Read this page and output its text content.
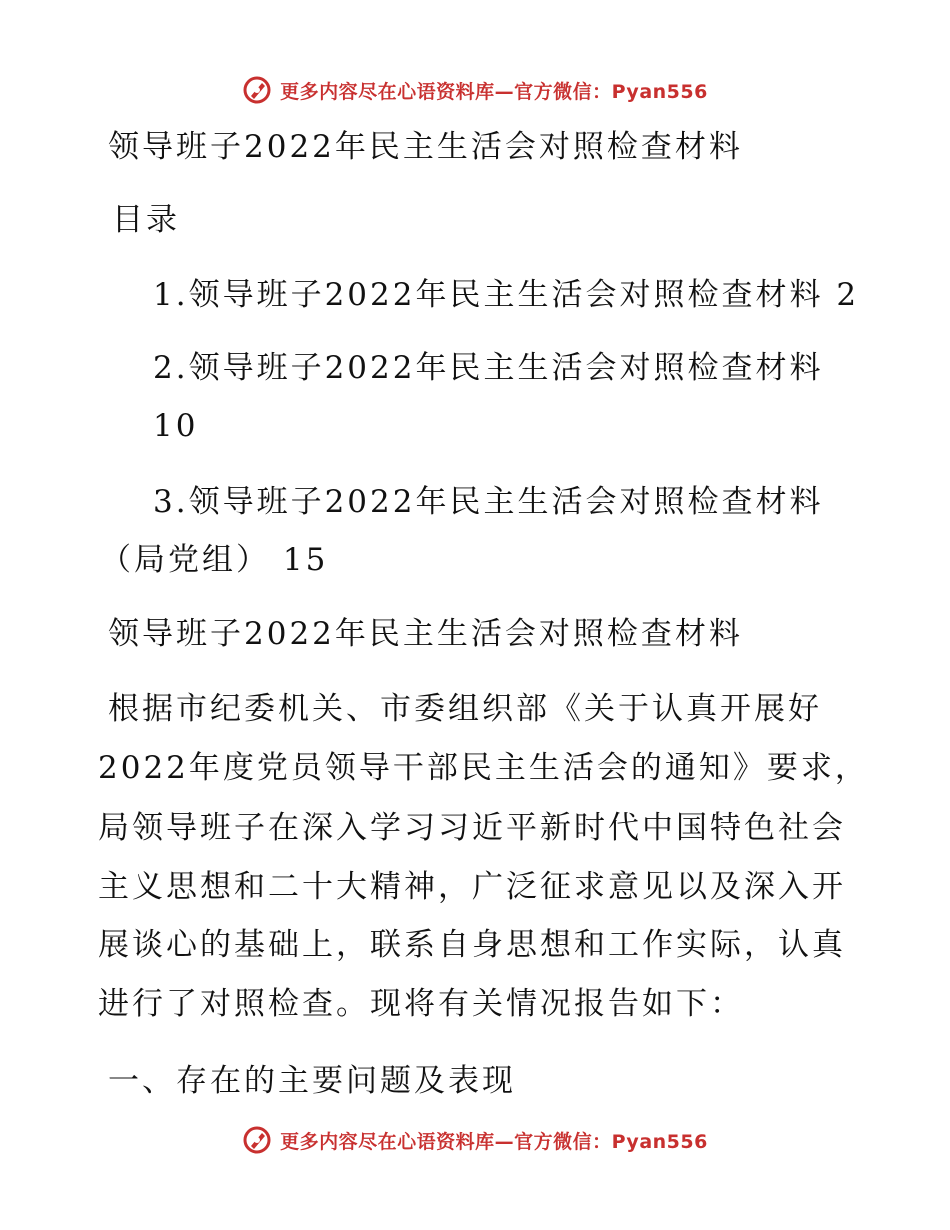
更多内容尽在心语资料库—官方微信：Pyan556
领导班子2022年民主生活会对照检查材料
目录
1.领导班子2022年民主生活会对照检查材料 2
2.领导班子2022年民主生活会对照检查材料
10
3.领导班子2022年民主生活会对照检查材料
（局党组） 15
领导班子2022年民主生活会对照检查材料
根据市纪委机关、市委组织部《关于认真开展好
2022年度党员领导干部民主生活会的通知》要求，
局领导班子在深入学习习近平新时代中国特色社会
主义思想和二十大精神，广泛征求意见以及深入开
展谈心的基础上，联系自身思想和工作实际，认真
进行了对照检查。现将有关情况报告如下：
一、存在的主要问题及表现
更多内容尽在心语资料库—官方微信：Pyan556
